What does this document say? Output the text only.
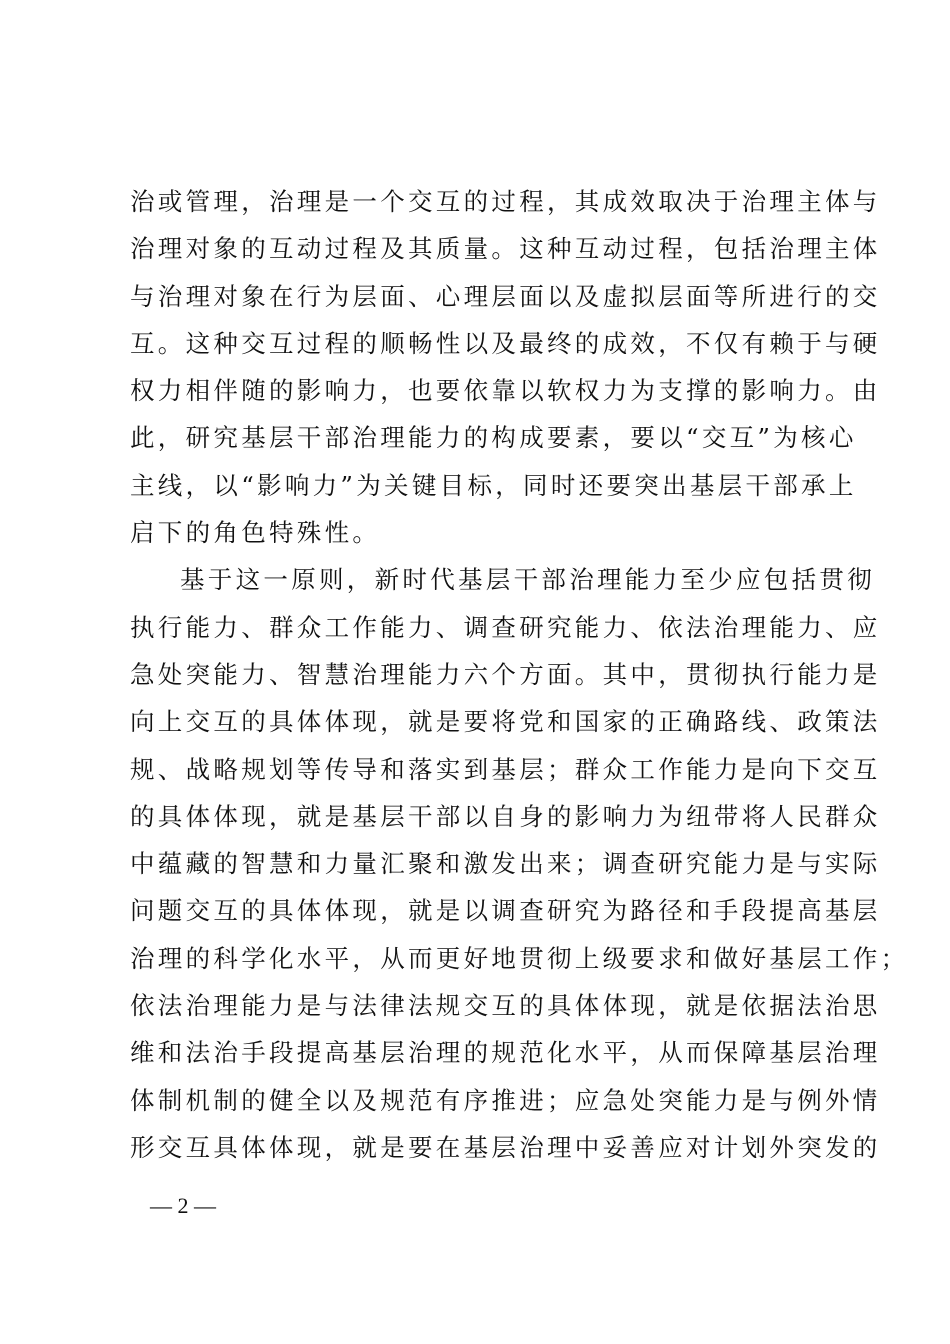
治或管理，治理是一个交互的过程，其成效取决于治理主体与
治理对象的互动过程及其质量。这种互动过程，包括治理主体
与治理对象在行为层面、心理层面以及虚拟层面等所进行的交
互。这种交互过程的顺畅性以及最终的成效，不仅有赖于与硬
权力相伴随的影响力，也要依靠以软权力为支撑的影响力。由
此，研究基层干部治理能力的构成要素，要以“交互”为核心
主线，以“影响力”为关键目标，同时还要突出基层干部承上
启下的角色特殊性。
基于这一原则，新时代基层干部治理能力至少应包括贯彻
执行能力、群众工作能力、调查研究能力、依法治理能力、应
急处突能力、智慧治理能力六个方面。其中，贯彻执行能力是
向上交互的具体体现，就是要将党和国家的正确路线、政策法
规、战略规划等传导和落实到基层；群众工作能力是向下交互
的具体体现，就是基层干部以自身的影响力为纽带将人民群众
中蕴藏的智慧和力量汇聚和激发出来；调查研究能力是与实际
问题交互的具体体现，就是以调查研究为路径和手段提高基层
治理的科学化水平，从而更好地贯彻上级要求和做好基层工作；
依法治理能力是与法律法规交互的具体体现，就是依据法治思
维和法治手段提高基层治理的规范化水平，从而保障基层治理
体制机制的健全以及规范有序推进；应急处突能力是与例外情
形交互具体体现，就是要在基层治理中妥善应对计划外突发的
— 2 —
